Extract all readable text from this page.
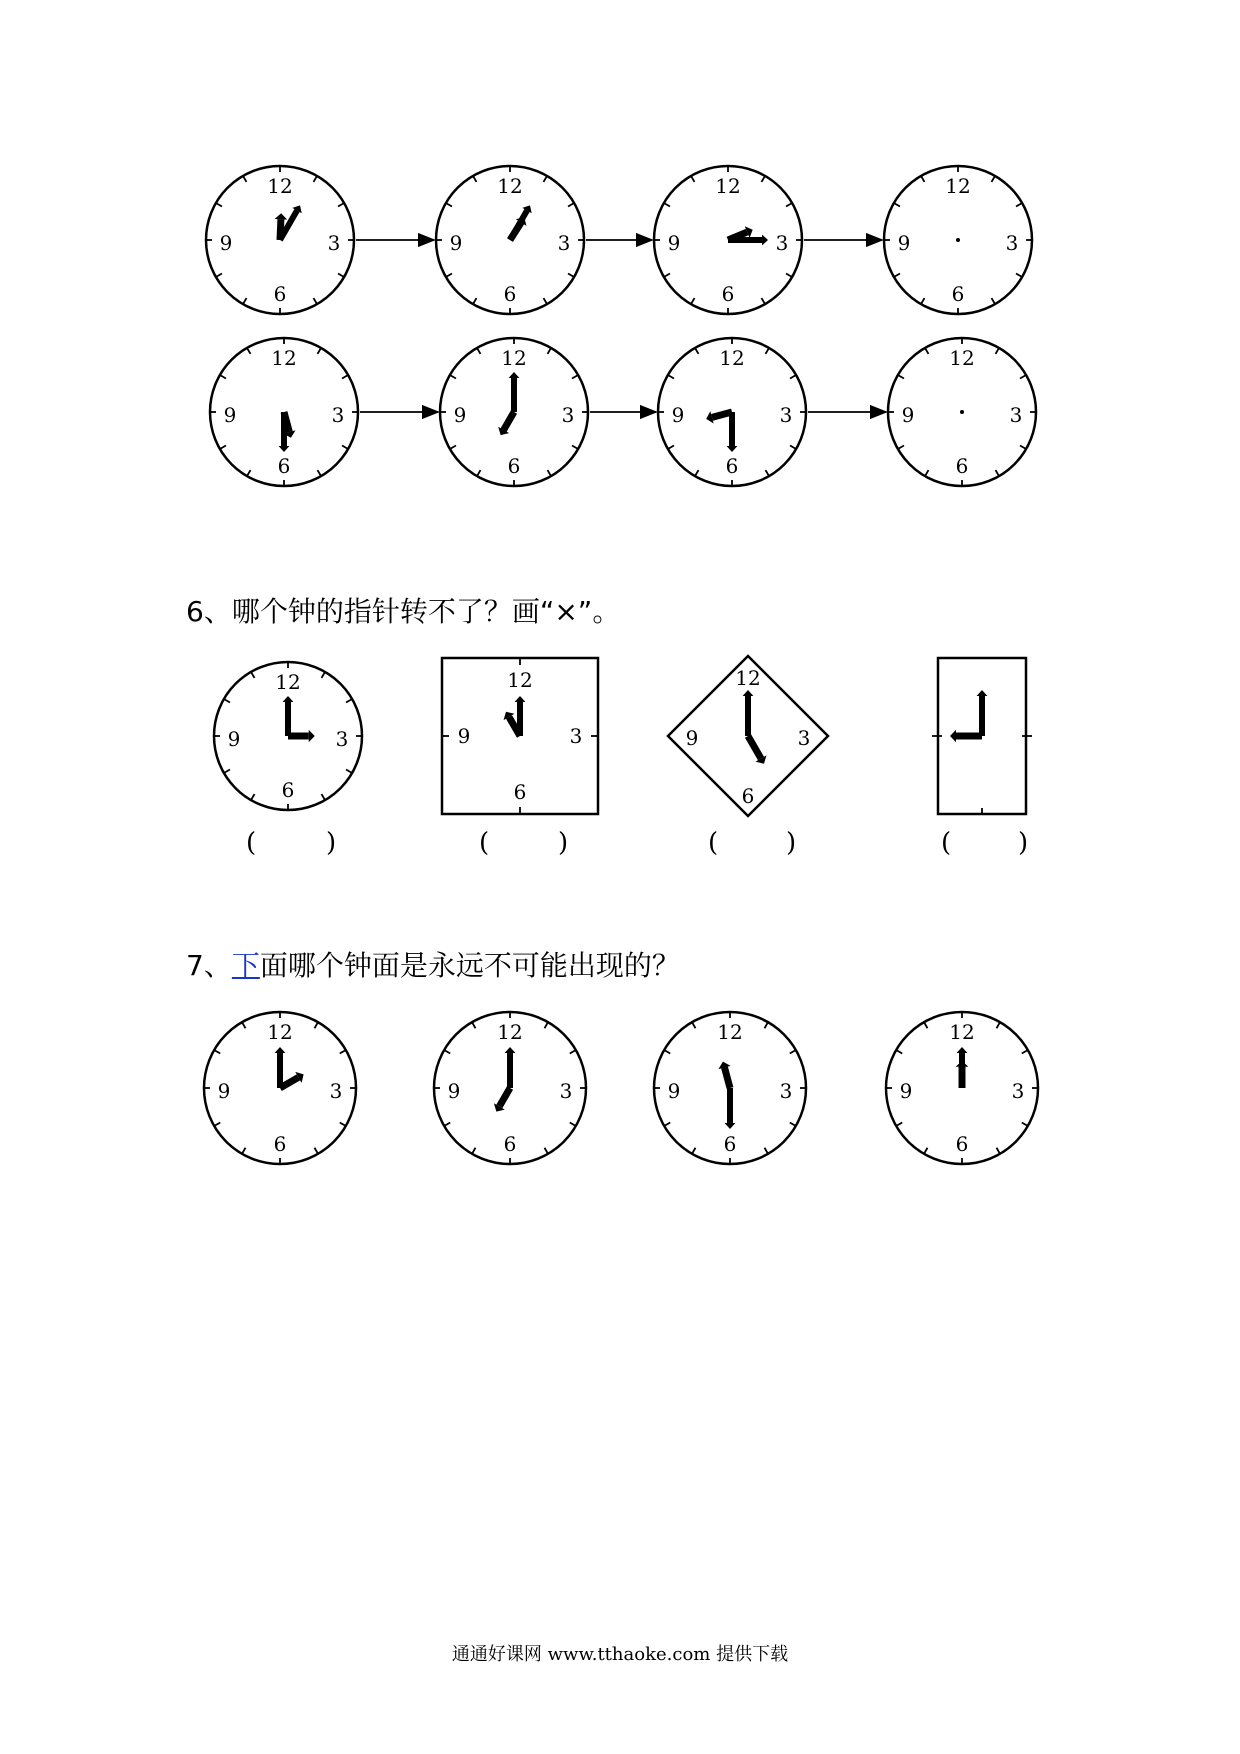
12
3
6
9
12
3
6
9
12
3
6
9
12
3
6
9
12
3
6
9
12
3
6
9
12
3
6
9
12
3
6
9
12
3
6
9
12
3
6
9
12
3
6
9
12
3
6
9
12
3
6
9
12
3
6
9
12
3
6
9
6、哪个钟的指针转不了？画“×”。
(	)	(	)	(	)	(	)
7、下面哪个钟面是永远不可能出现的？
通通好课网 www.tthaoke.com 提供下载
